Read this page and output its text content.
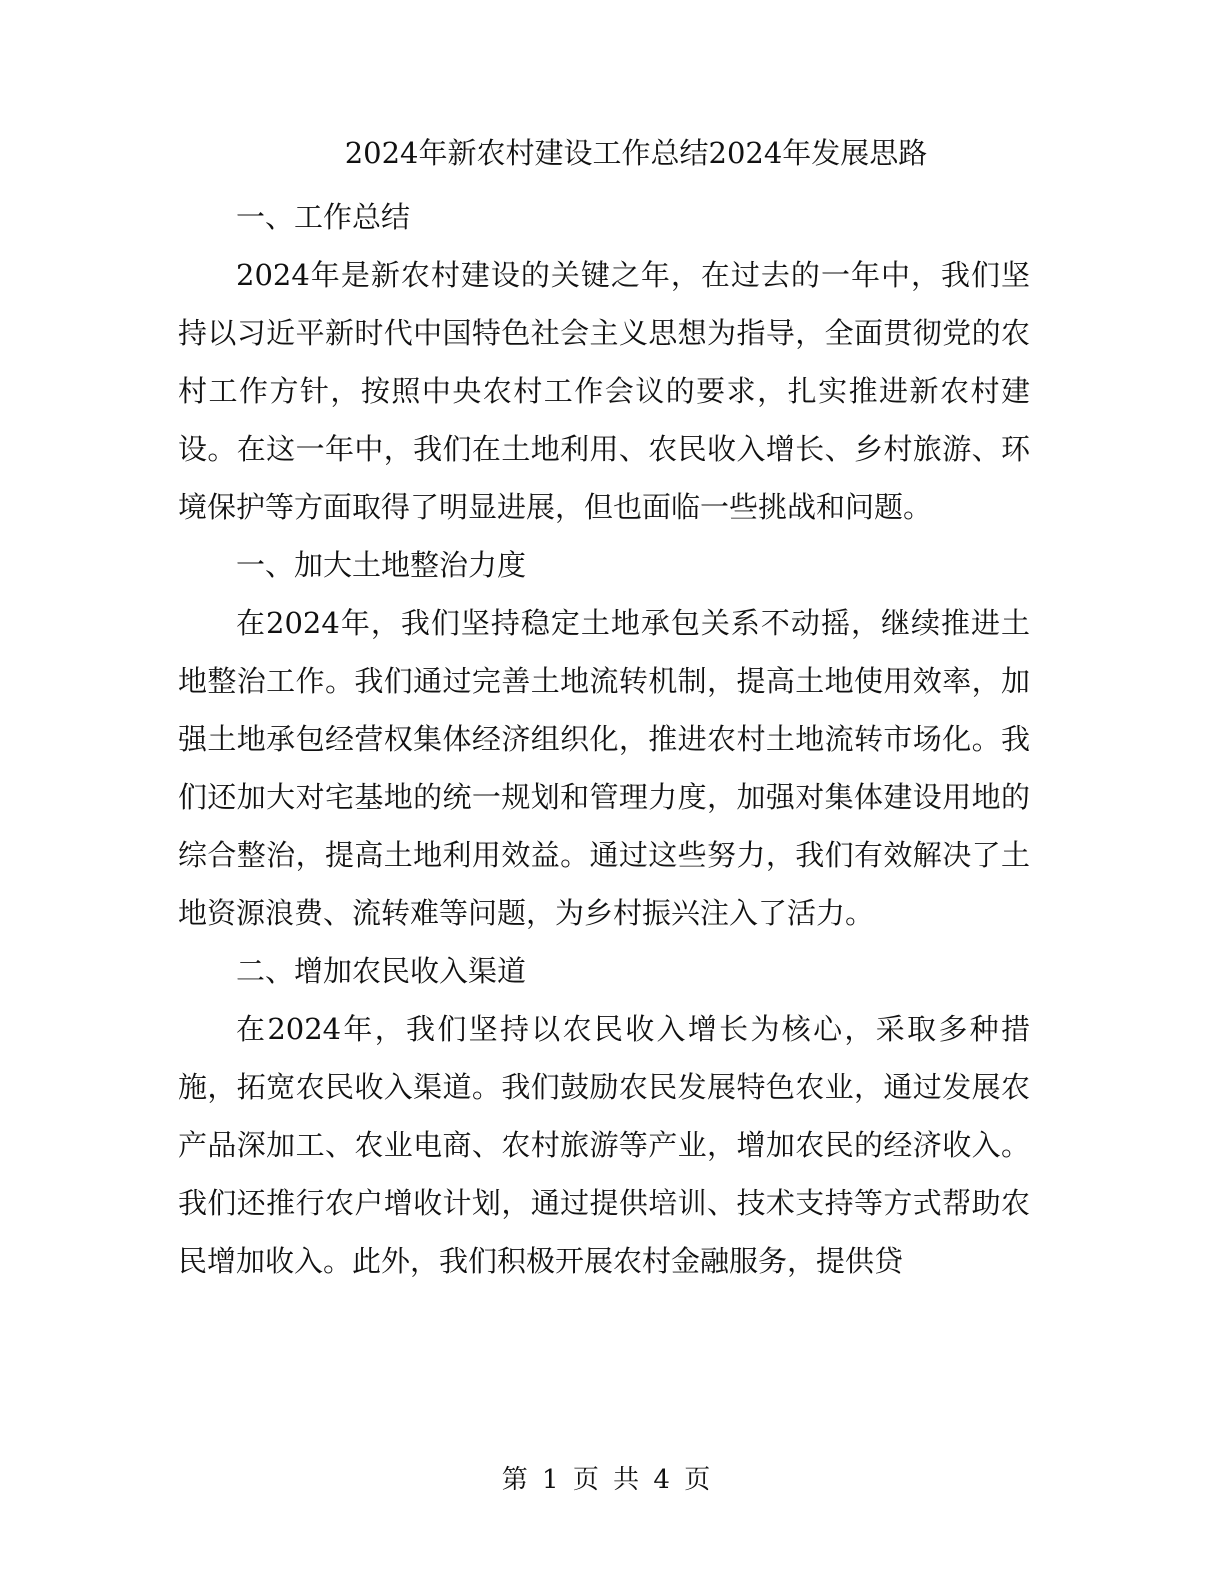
2024年新农村建设工作总结2024年发展思路

一、工作总结

2024年是新农村建设的关键之年，在过去的一年中，我们坚持以习近平新时代中国特色社会主义思想为指导，全面贯彻党的农村工作方针，按照中央农村工作会议的要求，扎实推进新农村建设。在这一年中，我们在土地利用、农民收入增长、乡村旅游、环境保护等方面取得了明显进展，但也面临一些挑战和问题。

一、加大土地整治力度

在2024年，我们坚持稳定土地承包关系不动摇，继续推进土地整治工作。我们通过完善土地流转机制，提高土地使用效率，加强土地承包经营权集体经济组织化，推进农村土地流转市场化。我们还加大对宅基地的统一规划和管理力度，加强对集体建设用地的综合整治，提高土地利用效益。通过这些努力，我们有效解决了土地资源浪费、流转难等问题，为乡村振兴注入了活力。

二、增加农民收入渠道

在2024年，我们坚持以农民收入增长为核心，采取多种措施，拓宽农民收入渠道。我们鼓励农民发展特色农业，通过发展农产品深加工、农业电商、农村旅游等产业，增加农民的经济收入。我们还推行农户增收计划，通过提供培训、技术支持等方式帮助农民增加收入。此外，我们积极开展农村金融服务，提供贷

第 1 页 共 4 页
